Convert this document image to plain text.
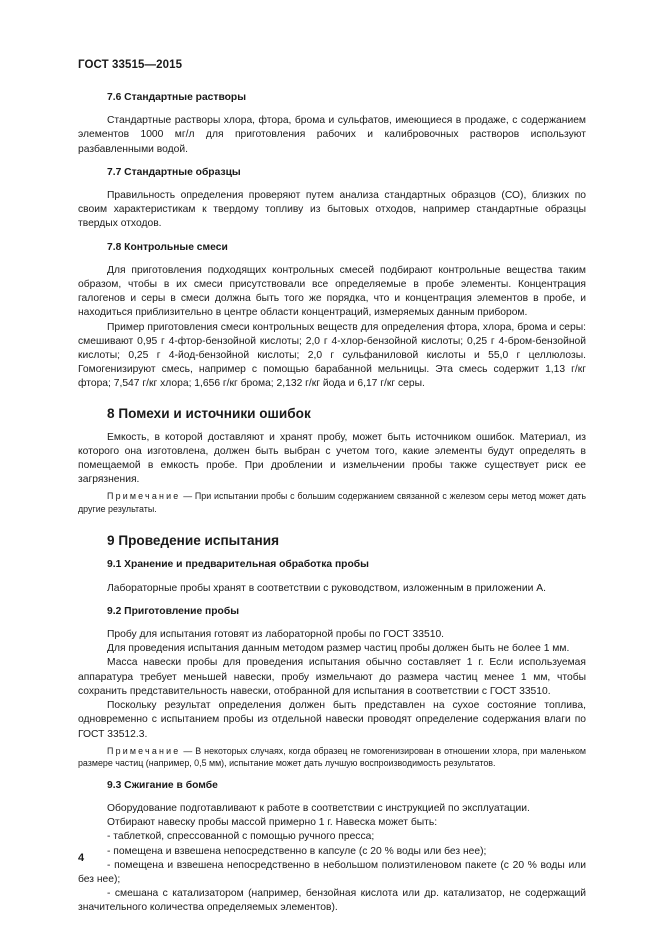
ГОСТ 33515—2015
7.6 Стандартные растворы

Стандартные растворы хлора, фтора, брома и сульфатов, имеющиеся в продаже, с содержанием элементов 1000 мг/л для приготовления рабочих и калибровочных растворов используют разбавленными водой.

7.7 Стандартные образцы

Правильность определения проверяют путем анализа стандартных образцов (СО), близких по своим характеристикам к твердому топливу из бытовых отходов, например стандартные образцы твердых отходов.

7.8 Контрольные смеси

Для приготовления подходящих контрольных смесей подбирают контрольные вещества таким образом, чтобы в их смеси присутствовали все определяемые в пробе элементы. Концентрация галогенов и серы в смеси должна быть того же порядка, что и концентрация элементов в пробе, и находиться приблизительно в центре области концентраций, измеряемых данным прибором.

Пример приготовления смеси контрольных веществ для определения фтора, хлора, брома и серы: смешивают 0,95 г 4-фтор-бензойной кислоты; 2,0 г 4-хлор-бензойной кислоты; 0,25 г 4-бром-бензойной кислоты; 0,25 г 4-йод-бензойной кислоты; 2,0 г сульфаниловой кислоты и 55,0 г целлюлозы. Гомогенизируют смесь, например с помощью барабанной мельницы. Эта смесь содержит 1,13 г/кг фтора; 7,547 г/кг хлора; 1,656 г/кг брома; 2,132 г/кг йода и 6,17 г/кг серы.

8 Помехи и источники ошибок

Емкость, в которой доставляют и хранят пробу, может быть источником ошибок. Материал, из которого она изготовлена, должен быть выбран с учетом того, какие элементы будут определять в помещаемой в емкость пробе. При дроблении и измельчении пробы также существует риск ее загрязнения.

Примечание — При испытании пробы с большим содержанием связанной с железом серы метод может дать другие результаты.

9 Проведение испытания
9.1 Хранение и предварительная обработка пробы

Лабораторные пробы хранят в соответствии с руководством, изложенным в приложении А.

9.2 Приготовление пробы

Пробу для испытания готовят из лабораторной пробы по ГОСТ 33510.

Для проведения испытания данным методом размер частиц пробы должен быть не более 1 мм.

Масса навески пробы для проведения испытания обычно составляет 1 г. Если используемая аппаратура требует меньшей навески, пробу измельчают до размера частиц менее 1 мм, чтобы сохранить представительность навески, отобранной для испытания в соответствии с ГОСТ 33510.

Поскольку результат определения должен быть представлен на сухое состояние топлива, одновременно с испытанием пробы из отдельной навески проводят определение содержания влаги по ГОСТ 33512.3.

Примечание — В некоторых случаях, когда образец не гомогенизирован в отношении хлора, при маленьком размере частиц (например, 0,5 мм), испытание может дать лучшую воспроизводимость результатов.

9.3 Сжигание в бомбе

Оборудование подготавливают к работе в соответствии с инструкцией по эксплуатации.

Отбирают навеску пробы массой примерно 1 г. Навеска может быть:

- таблеткой, спрессованной с помощью ручного пресса;

- помещена и взвешена непосредственно в капсуле (с 20 % воды или без нее);

- помещена и взвешена непосредственно в небольшом полиэтиленовом пакете (с 20 % воды или без нее);

- смешана с катализатором (например, бензойная кислота или др. катализатор, не содержащий значительного количества определяемых элементов).

4
